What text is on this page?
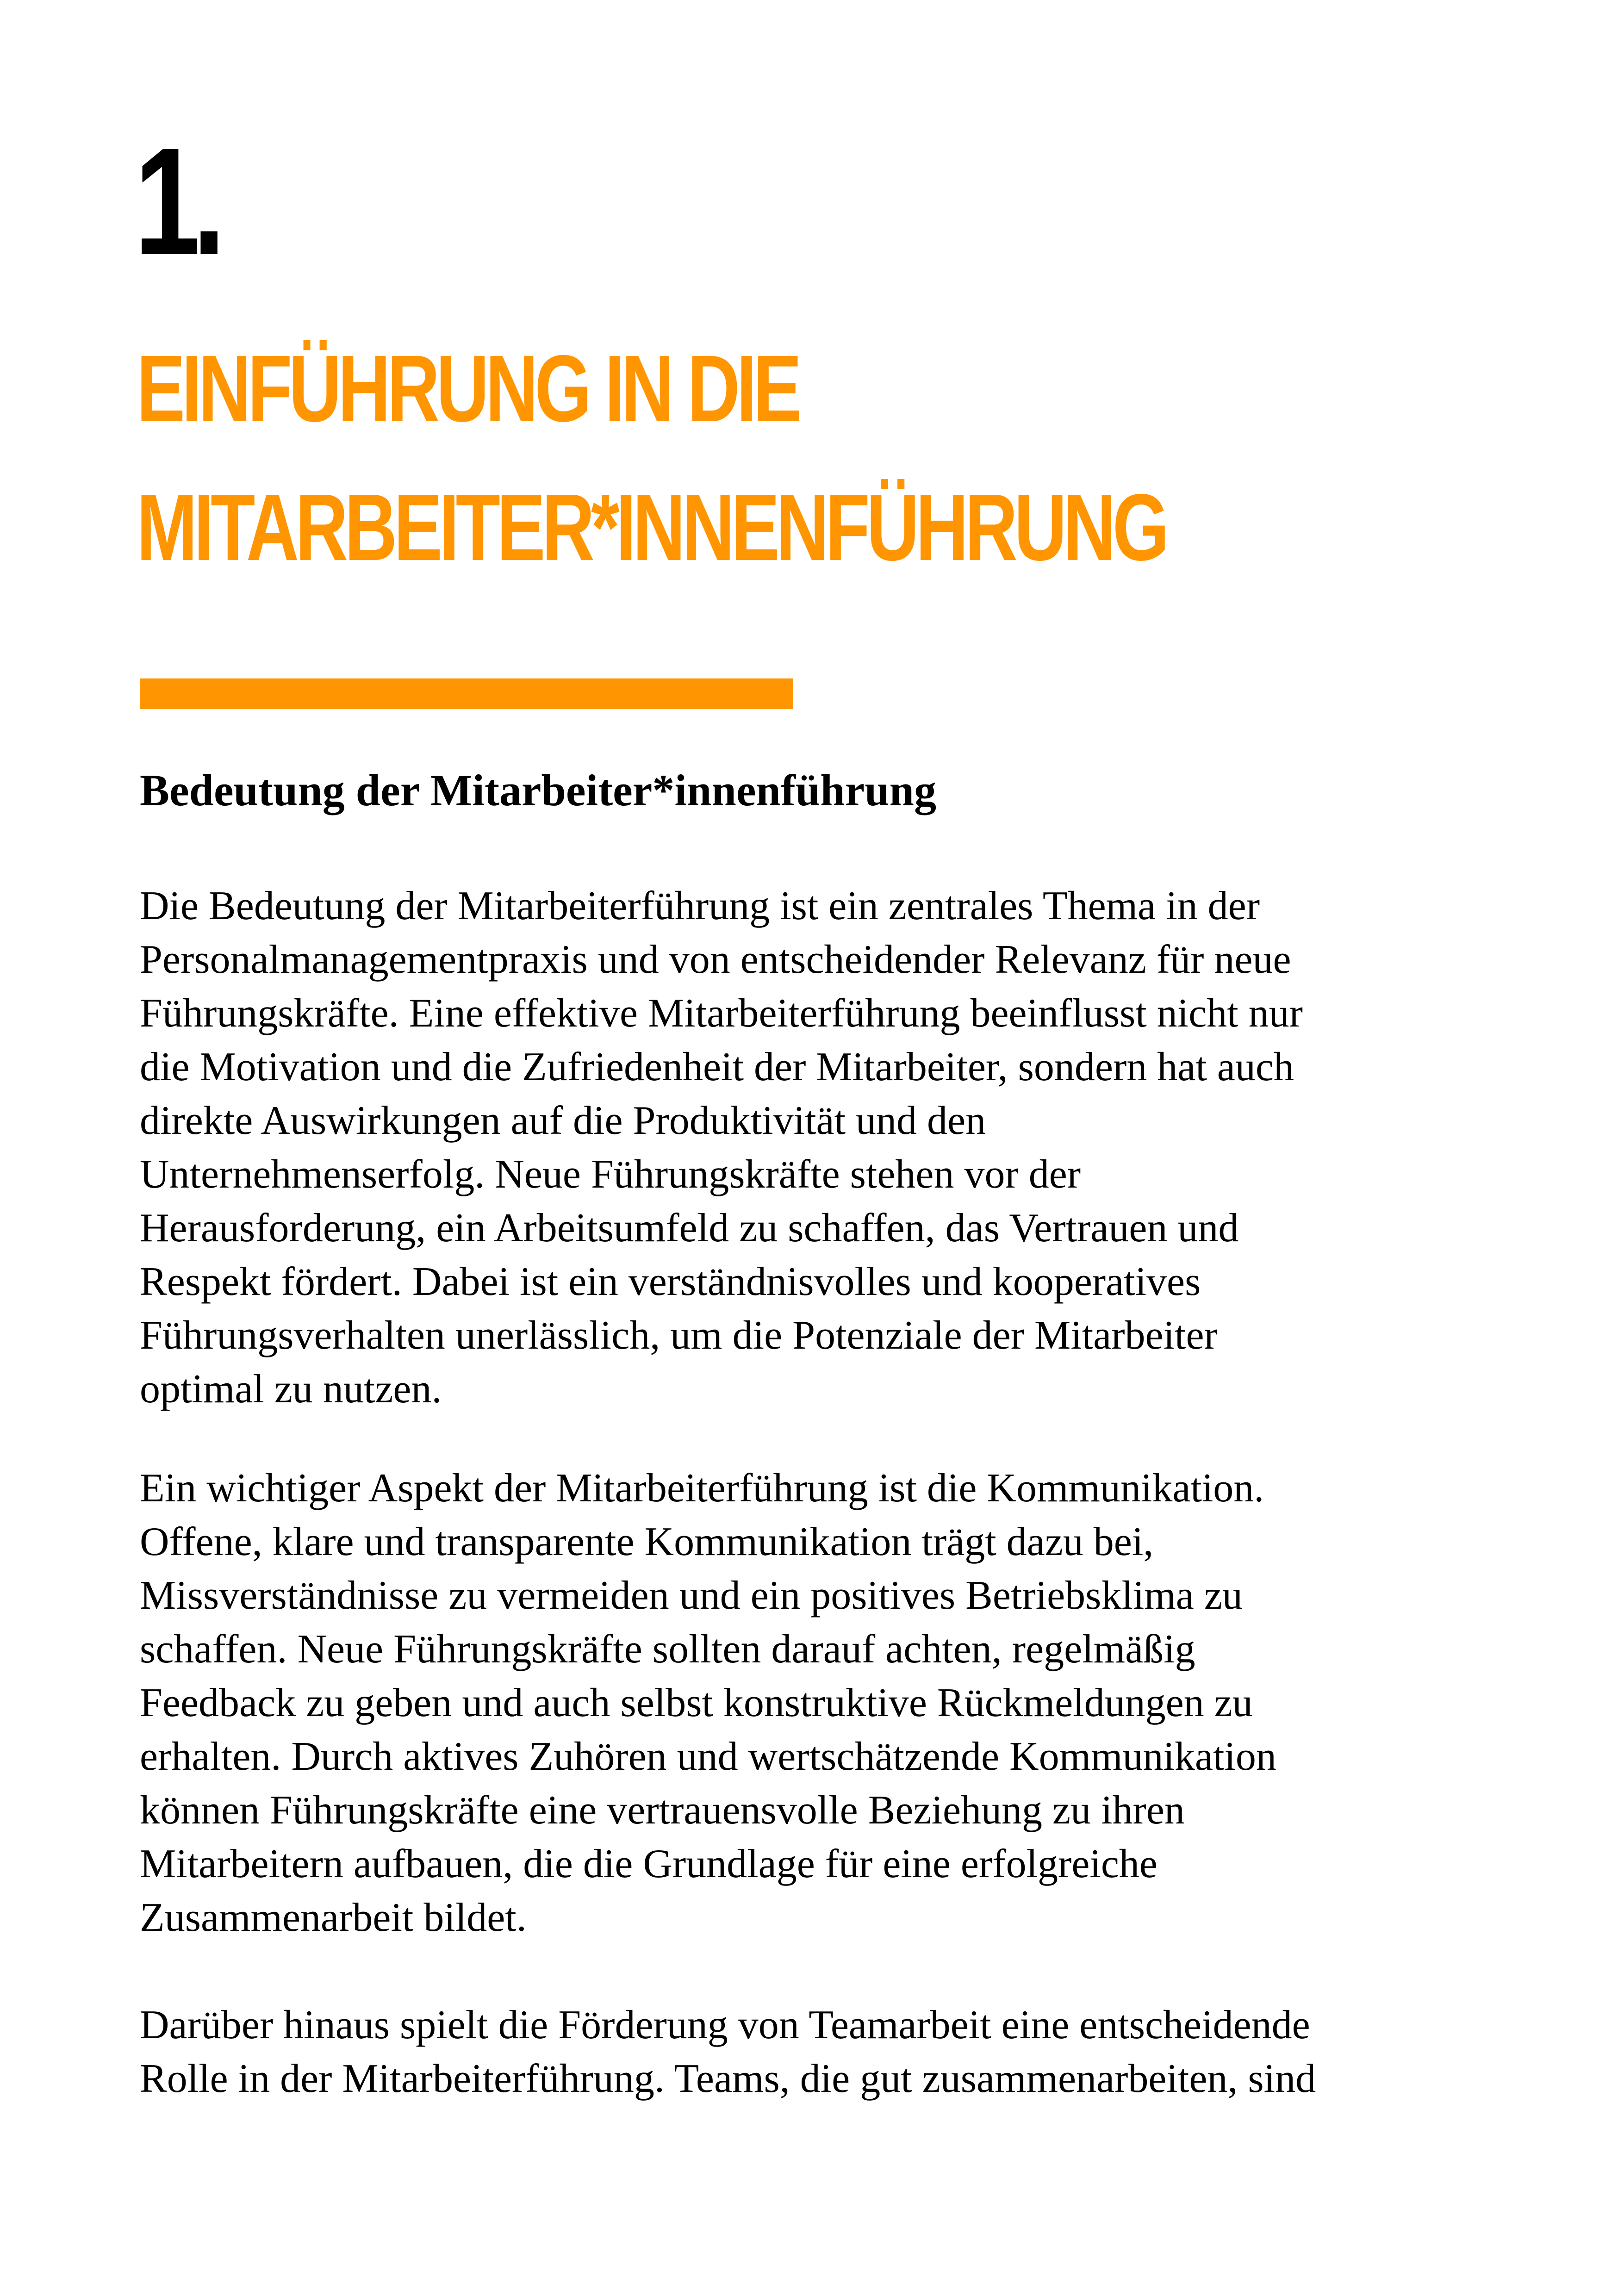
1.
EINFÜHRUNG IN DIE
MITARBEITER*INNENFÜHRUNG
Bedeutung der Mitarbeiter*innenführung

Die Bedeutung der Mitarbeiterführung ist ein zentrales Thema in der
Personalmanagementpraxis und von entscheidender Relevanz für neue
Führungskräfte. Eine effektive Mitarbeiterführung beeinflusst nicht nur
die Motivation und die Zufriedenheit der Mitarbeiter, sondern hat auch
direkte Auswirkungen auf die Produktivität und den
Unternehmenserfolg. Neue Führungskräfte stehen vor der
Herausforderung, ein Arbeitsumfeld zu schaffen, das Vertrauen und
Respekt fördert. Dabei ist ein verständnisvolles und kooperatives
Führungsverhalten unerlässlich, um die Potenziale der Mitarbeiter
optimal zu nutzen.

Ein wichtiger Aspekt der Mitarbeiterführung ist die Kommunikation.
Offene, klare und transparente Kommunikation trägt dazu bei,
Missverständnisse zu vermeiden und ein positives Betriebsklima zu
schaffen. Neue Führungskräfte sollten darauf achten, regelmäßig
Feedback zu geben und auch selbst konstruktive Rückmeldungen zu
erhalten. Durch aktives Zuhören und wertschätzende Kommunikation
können Führungskräfte eine vertrauensvolle Beziehung zu ihren
Mitarbeitern aufbauen, die die Grundlage für eine erfolgreiche
Zusammenarbeit bildet.

Darüber hinaus spielt die Förderung von Teamarbeit eine entscheidende
Rolle in der Mitarbeiterführung. Teams, die gut zusammenarbeiten, sind
